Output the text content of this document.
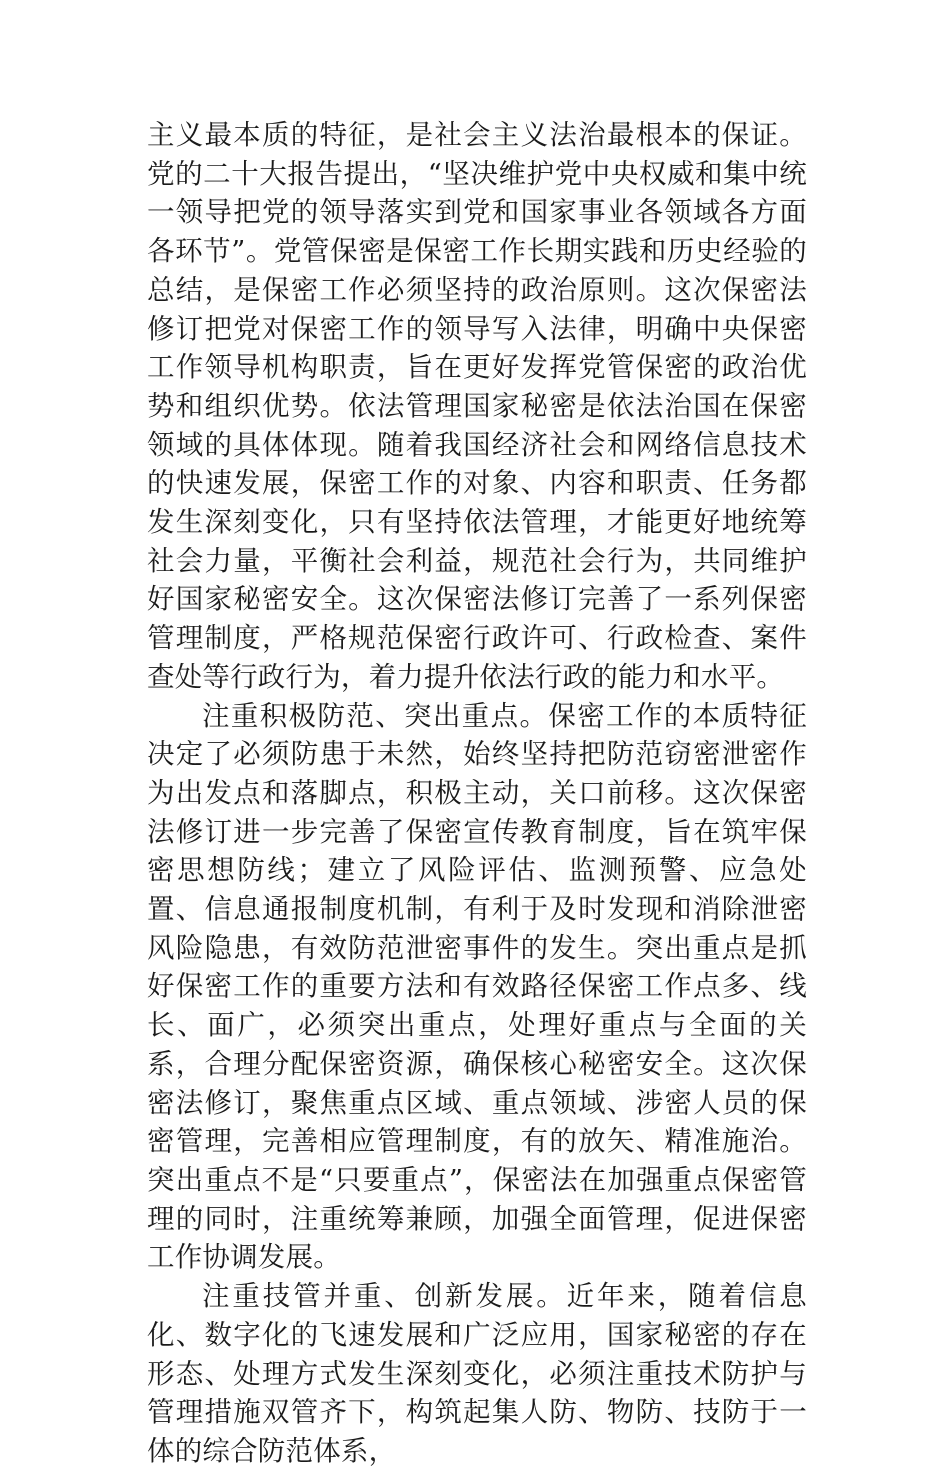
主义最本质的特征，是社会主义法治最根本的保证。党的二十大报告提出，“坚决维护党中央权威和集中统一领导把党的领导落实到党和国家事业各领域各方面各环节”。党管保密是保密工作长期实践和历史经验的总结，是保密工作必须坚持的政治原则。这次保密法修订把党对保密工作的领导写入法律，明确中央保密工作领导机构职责，旨在更好发挥党管保密的政治优势和组织优势。依法管理国家秘密是依法治国在保密领域的具体体现。随着我国经济社会和网络信息技术的快速发展，保密工作的对象、内容和职责、任务都发生深刻变化，只有坚持依法管理，才能更好地统筹社会力量，平衡社会利益，规范社会行为，共同维护好国家秘密安全。这次保密法修订完善了一系列保密管理制度，严格规范保密行政许可、行政检查、案件查处等行政行为，着力提升依法行政的能力和水平。

注重积极防范、突出重点。保密工作的本质特征决定了必须防患于未然，始终坚持把防范窃密泄密作为出发点和落脚点，积极主动，关口前移。这次保密法修订进一步完善了保密宣传教育制度，旨在筑牢保密思想防线；建立了风险评估、监测预警、应急处置、信息通报制度机制，有利于及时发现和消除泄密风险隐患，有效防范泄密事件的发生。突出重点是抓好保密工作的重要方法和有效路径保密工作点多、线长、面广，必须突出重点，处理好重点与全面的关系，合理分配保密资源，确保核心秘密安全。这次保密法修订，聚焦重点区域、重点领域、涉密人员的保密管理，完善相应管理制度，有的放矢、精准施治。突出重点不是“只要重点”，保密法在加强重点保密管理的同时，注重统筹兼顾，加强全面管理，促进保密工作协调发展。

注重技管并重、创新发展。近年来，随着信息化、数字化的飞速发展和广泛应用，国家秘密的存在形态、处理方式发生深刻变化，必须注重技术防护与管理措施双管齐下，构筑起集人防、物防、技防于一体的综合防范体系，
